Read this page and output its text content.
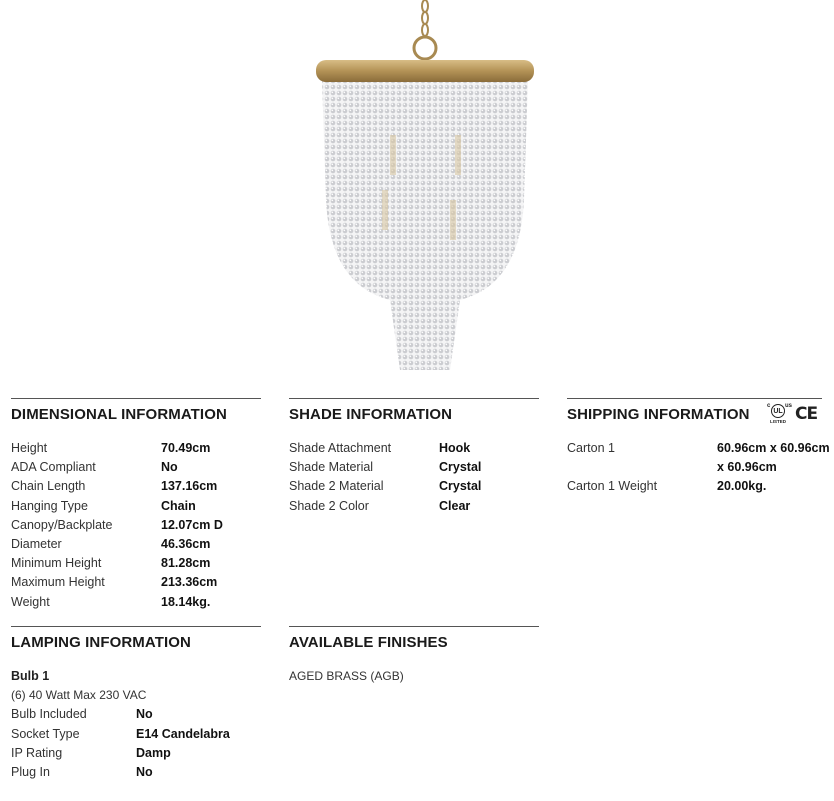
DIMENSIONAL INFORMATION
Height	70.49cm
ADA Compliant	No
Chain Length	137.16cm
Hanging Type	Chain
Canopy/Backplate	12.07cm D
Diameter	46.36cm
Minimum Height	81.28cm
Maximum Height	213.36cm
Weight	18.14kg.
SHADE INFORMATION
Shade Attachment	Hook
Shade Material	Crystal
Shade 2 Material	Crystal
Shade 2 Color	Clear
SHIPPING INFORMATION
Carton 1	60.96cm x 60.96cm
x 60.96cm
Carton 1 Weight	20.00kg.
c
UL
us
LISTED CE
LAMPING INFORMATION
Bulb 1
(6) 40 Watt Max 230 VAC
Bulb Included	No
Socket Type	E14 Candelabra
IP Rating	Damp
Plug In	No
AVAILABLE FINISHES
AGED BRASS (AGB)
